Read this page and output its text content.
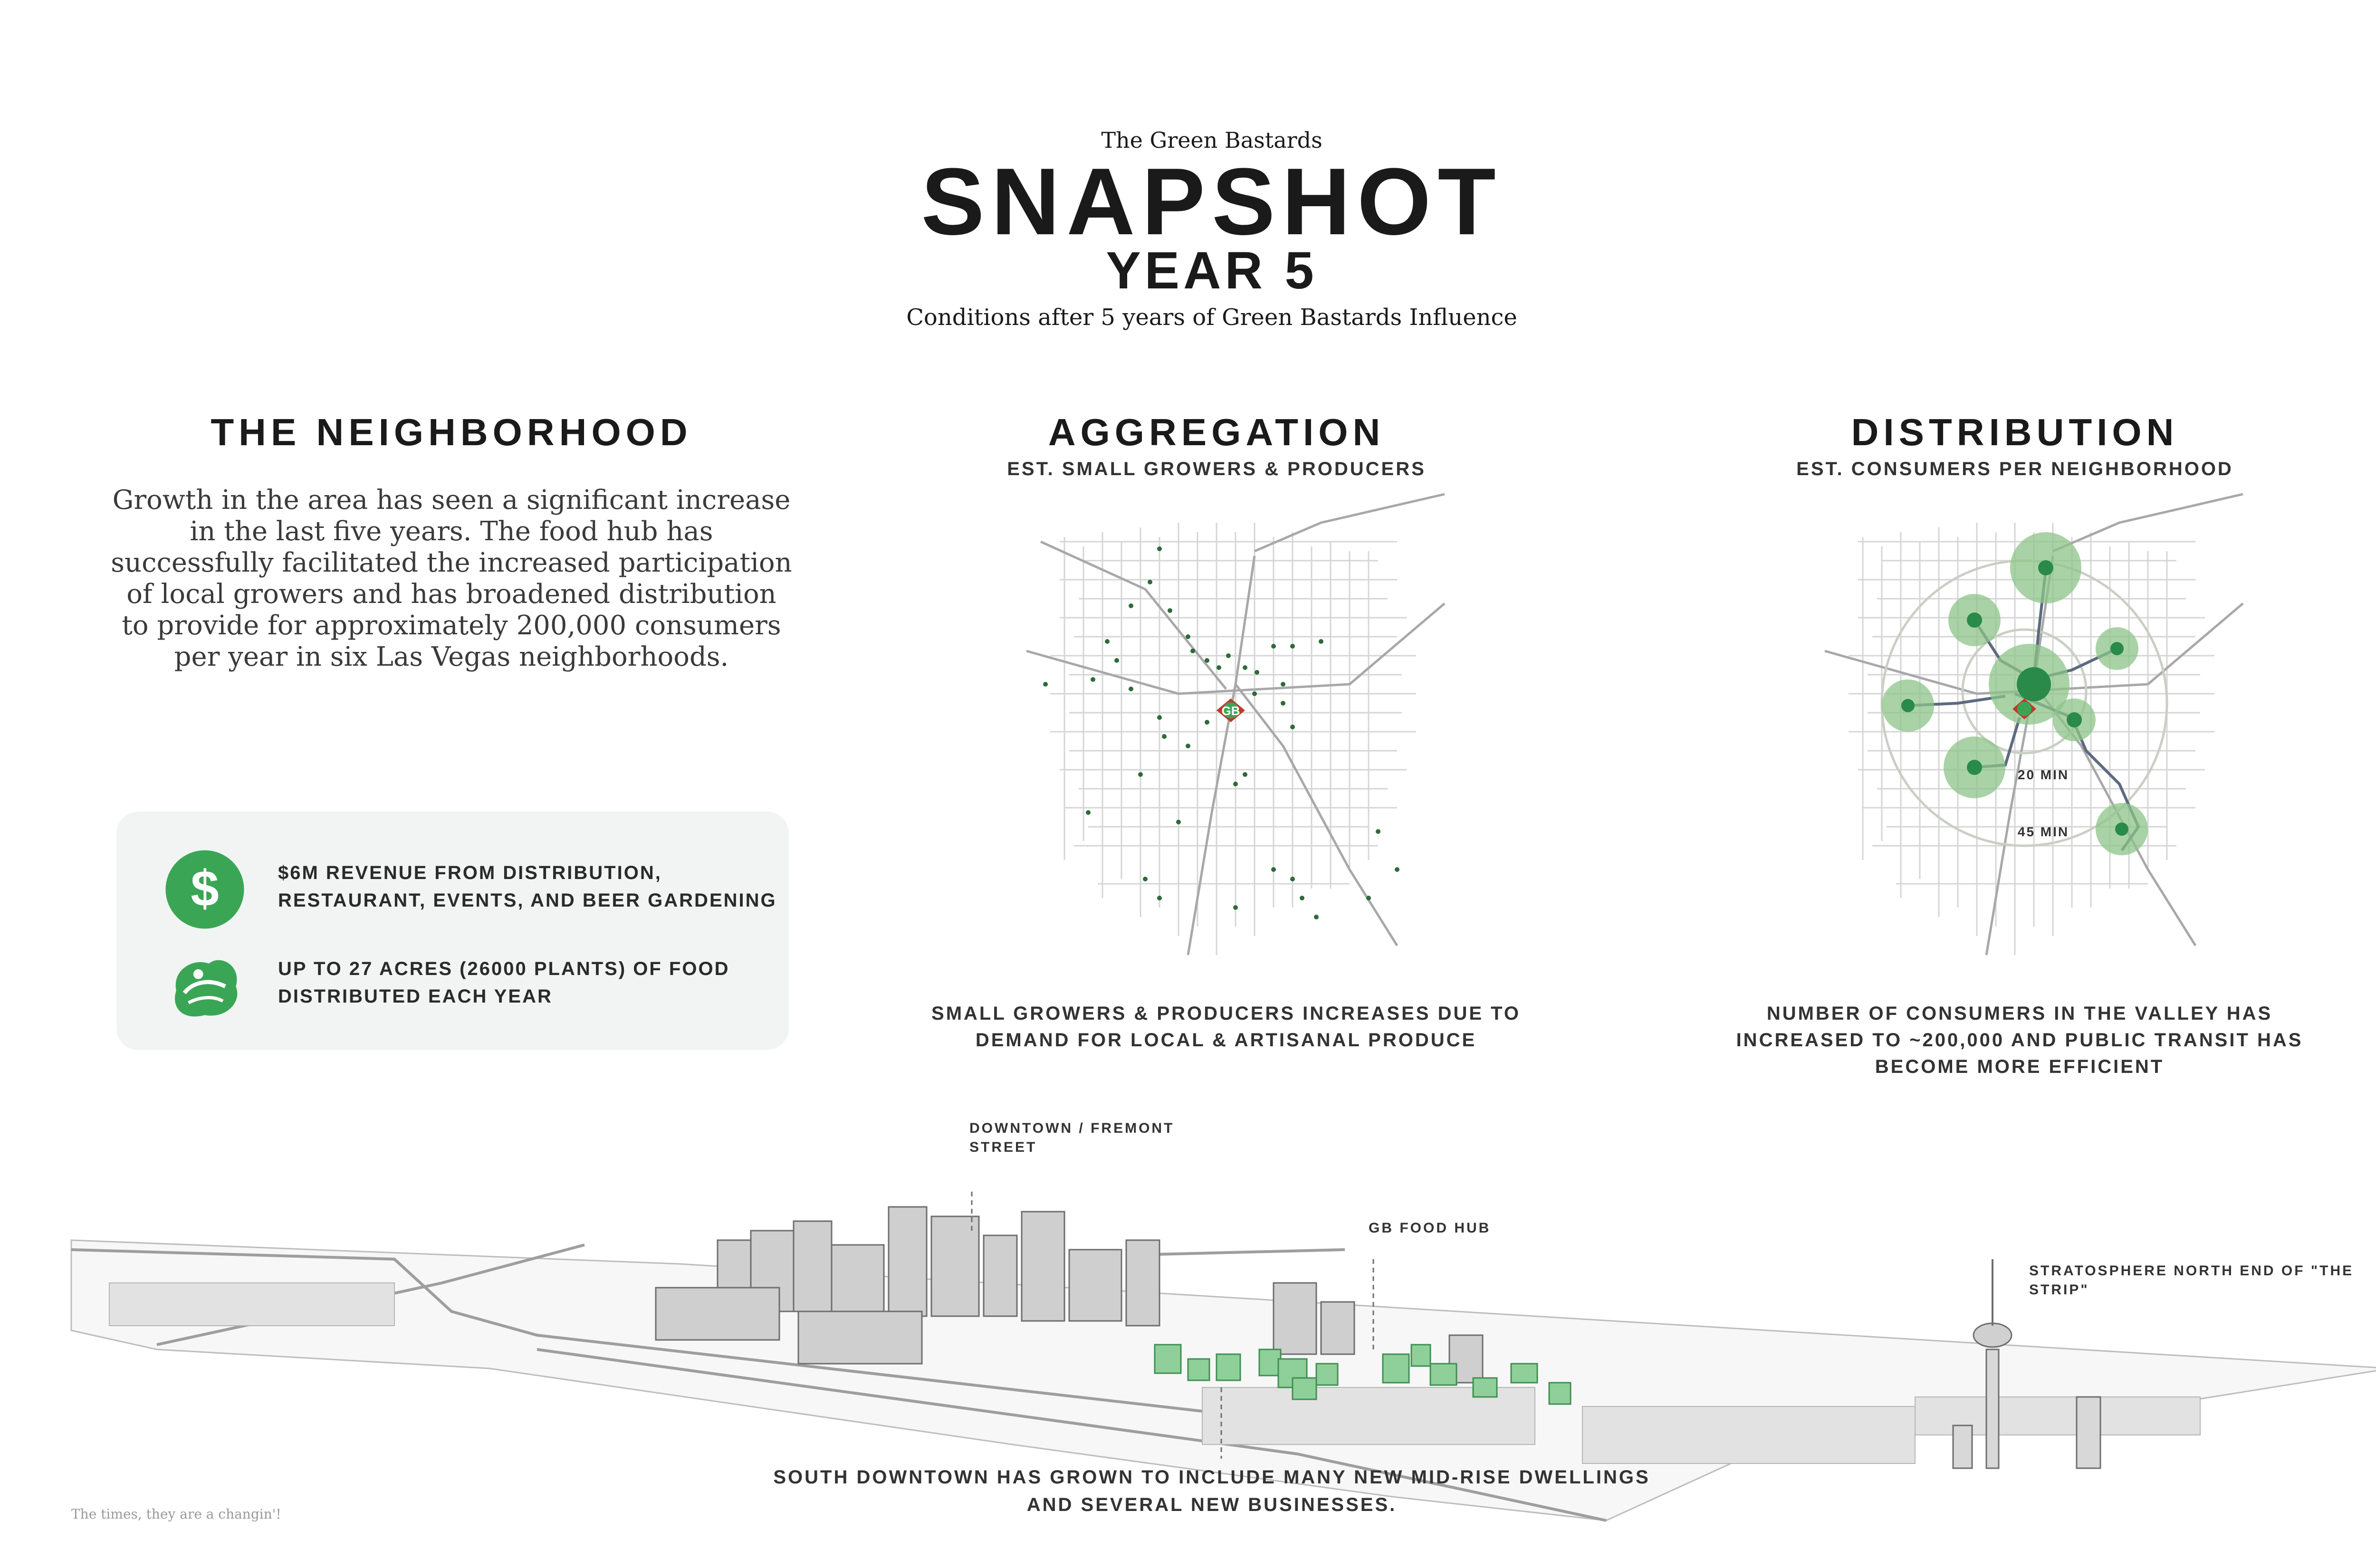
The Green Bastards
SNAPSHOT
YEAR 5
Conditions after 5 years of Green Bastards Influence
THE NEIGHBORHOOD
Growth in the area has seen a significant increase in the last five years. The food hub has successfully facilitated the increased participation of local growers and has broadened distribution to provide for approximately 200,000 consumers per year in six Las Vegas neighborhoods.
$	$6M REVENUE FROM DISTRIBUTION, RESTAURANT, EVENTS, AND BEER GARDENING
UP TO 27 ACRES (26000 PLANTS) OF FOOD DISTRIBUTED EACH YEAR
AGGREGATION
EST. SMALL GROWERS & PRODUCERS
GB
SMALL GROWERS & PRODUCERS INCREASES DUE TO DEMAND FOR LOCAL & ARTISANAL PRODUCE
DISTRIBUTION
EST. CONSUMERS PER NEIGHBORHOOD
20 MIN
45 MIN
NUMBER OF CONSUMERS IN THE VALLEY HAS INCREASED TO ~200,000 AND PUBLIC TRANSIT HAS BECOME MORE EFFICIENT
DOWNTOWN / FREMONT STREET
GB FOOD HUB
STRATOSPHERE NORTH END OF "THE STRIP"
SOUTH DOWNTOWN HAS GROWN TO INCLUDE MANY NEW MID-RISE DWELLINGS AND SEVERAL NEW BUSINESSES.
The times, they are a changin'!
